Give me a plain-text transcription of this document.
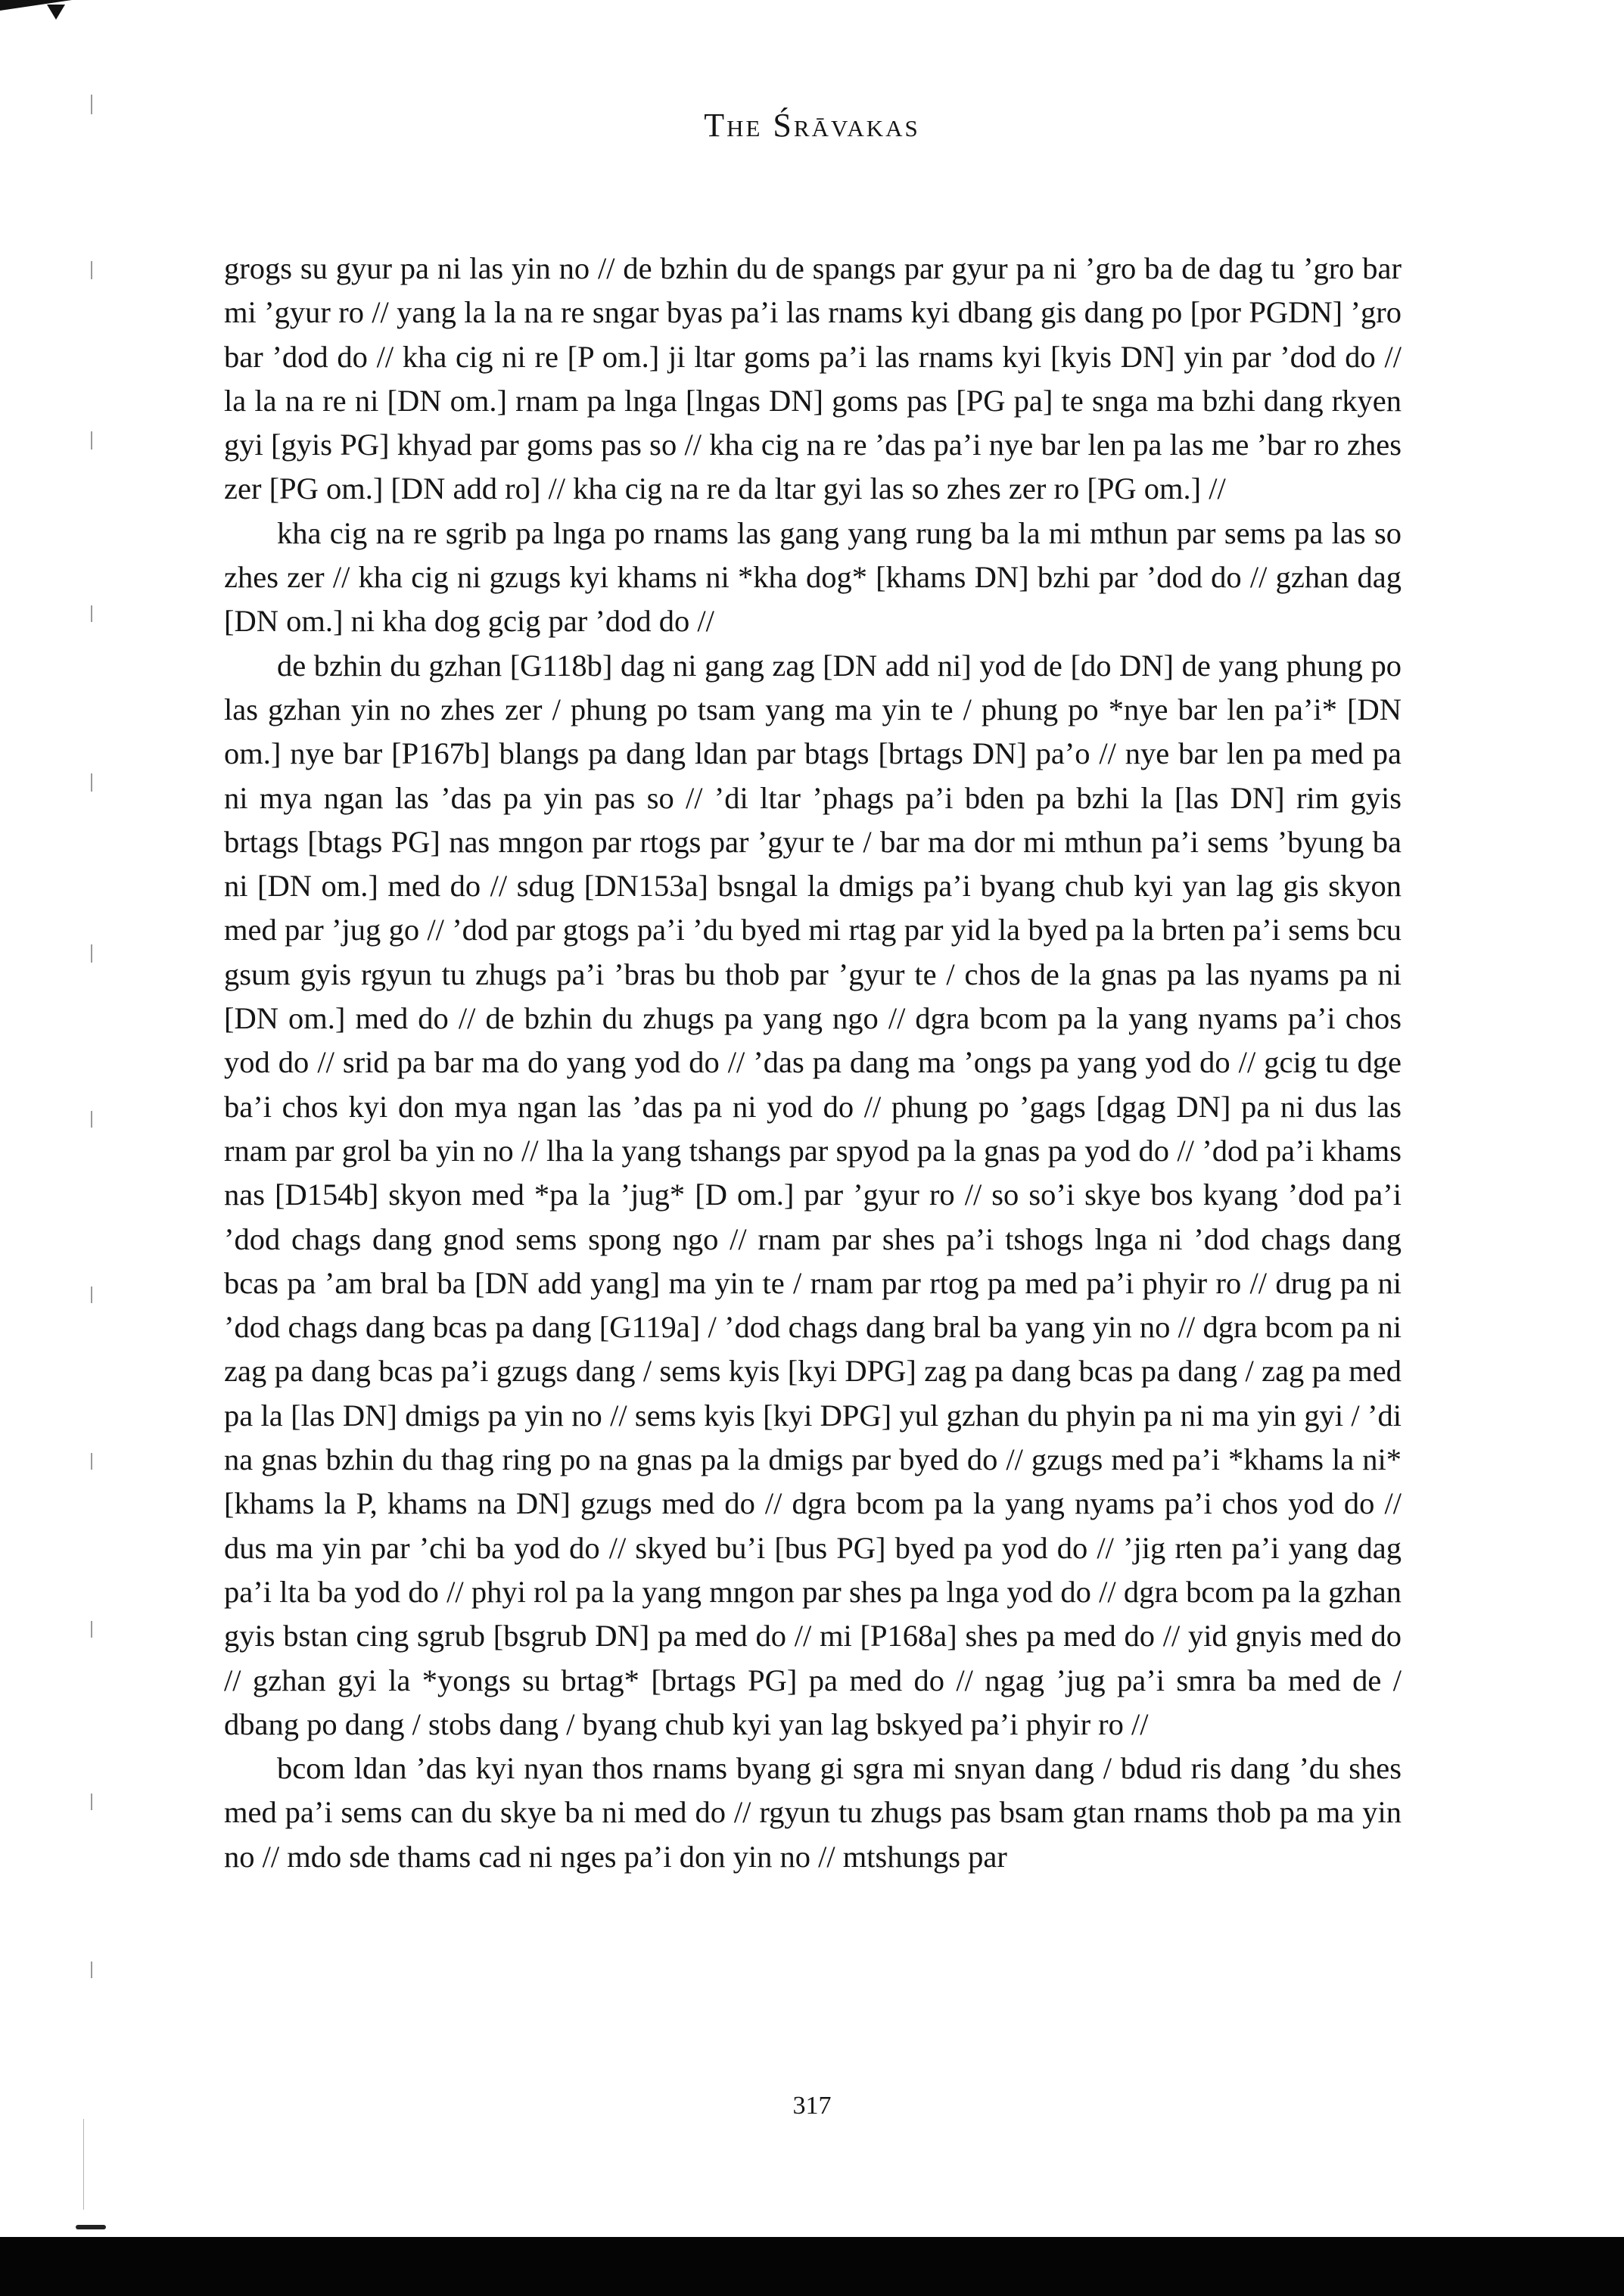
The Śrāvakas

grogs su gyur pa ni las yin no // de bzhin du de spangs par gyur pa ni ’gro ba de dag tu ’gro bar mi ’gyur ro // yang la la na re sngar byas pa’i las rnams kyi dbang gis dang po [por PGDN] ’gro bar ’dod do // kha cig ni re [P om.] ji ltar goms pa’i las rnams kyi [kyis DN] yin par ’dod do // la la na re ni [DN om.] rnam pa lnga [lngas DN] goms pas [PG pa] te snga ma bzhi dang rkyen gyi [gyis PG] khyad par goms pas so // kha cig na re ’das pa’i nye bar len pa las me ’bar ro zhes zer [PG om.] [DN add ro] // kha cig na re da ltar gyi las so zhes zer ro [PG om.] //

kha cig na re sgrib pa lnga po rnams las gang yang rung ba la mi mthun par sems pa las so zhes zer // kha cig ni gzugs kyi khams ni *kha dog* [khams DN] bzhi par ’dod do // gzhan dag [DN om.] ni kha dog gcig par ’dod do //

de bzhin du gzhan [G118b] dag ni gang zag [DN add ni] yod de [do DN] de yang phung po las gzhan yin no zhes zer / phung po tsam yang ma yin te / phung po *nye bar len pa’i* [DN om.] nye bar [P167b] blangs pa dang ldan par btags [brtags DN] pa’o // nye bar len pa med pa ni mya ngan las ’das pa yin pas so // ’di ltar ’phags pa’i bden pa bzhi la [las DN] rim gyis brtags [btags PG] nas mngon par rtogs par ’gyur te / bar ma dor mi mthun pa’i sems ’byung ba ni [DN om.] med do // sdug [DN153a] bsngal la dmigs pa’i byang chub kyi yan lag gis skyon med par ’jug go // ’dod par gtogs pa’i ’du byed mi rtag par yid la byed pa la brten pa’i sems bcu gsum gyis rgyun tu zhugs pa’i ’bras bu thob par ’gyur te / chos de la gnas pa las nyams pa ni [DN om.] med do // de bzhin du zhugs pa yang ngo // dgra bcom pa la yang nyams pa’i chos yod do // srid pa bar ma do yang yod do // ’das pa dang ma ’ongs pa yang yod do // gcig tu dge ba’i chos kyi don mya ngan las ’das pa ni yod do // phung po ’gags [dgag DN] pa ni dus las rnam par grol ba yin no // lha la yang tshangs par spyod pa la gnas pa yod do // ’dod pa’i khams nas [D154b] skyon med *pa la ’jug* [D om.] par ’gyur ro // so so’i skye bos kyang ’dod pa’i ’dod chags dang gnod sems spong ngo // rnam par shes pa’i tshogs lnga ni ’dod chags dang bcas pa ’am bral ba [DN add yang] ma yin te / rnam par rtog pa med pa’i phyir ro // drug pa ni ’dod chags dang bcas pa dang [G119a] / ’dod chags dang bral ba yang yin no // dgra bcom pa ni zag pa dang bcas pa’i gzugs dang / sems kyis [kyi DPG] zag pa dang bcas pa dang / zag pa med pa la [las DN] dmigs pa yin no // sems kyis [kyi DPG] yul gzhan du phyin pa ni ma yin gyi / ’di na gnas bzhin du thag ring po na gnas pa la dmigs par byed do // gzugs med pa’i *khams la ni* [khams la P, khams na DN] gzugs med do // dgra bcom pa la yang nyams pa’i chos yod do // dus ma yin par ’chi ba yod do // skyed bu’i [bus PG] byed pa yod do // ’jig rten pa’i yang dag pa’i lta ba yod do // phyi rol pa la yang mngon par shes pa lnga yod do // dgra bcom pa la gzhan gyis bstan cing sgrub [bsgrub DN] pa med do // mi [P168a] shes pa med do // yid gnyis med do // gzhan gyi la *yongs su brtag* [brtags PG] pa med do // ngag ’jug pa’i smra ba med de / dbang po dang / stobs dang / byang chub kyi yan lag bskyed pa’i phyir ro //

bcom ldan ’das kyi nyan thos rnams byang gi sgra mi snyan dang / bdud ris dang ’du shes med pa’i sems can du skye ba ni med do // rgyun tu zhugs pas bsam gtan rnams thob pa ma yin no // mdo sde thams cad ni nges pa’i don yin no // mtshungs par

317
